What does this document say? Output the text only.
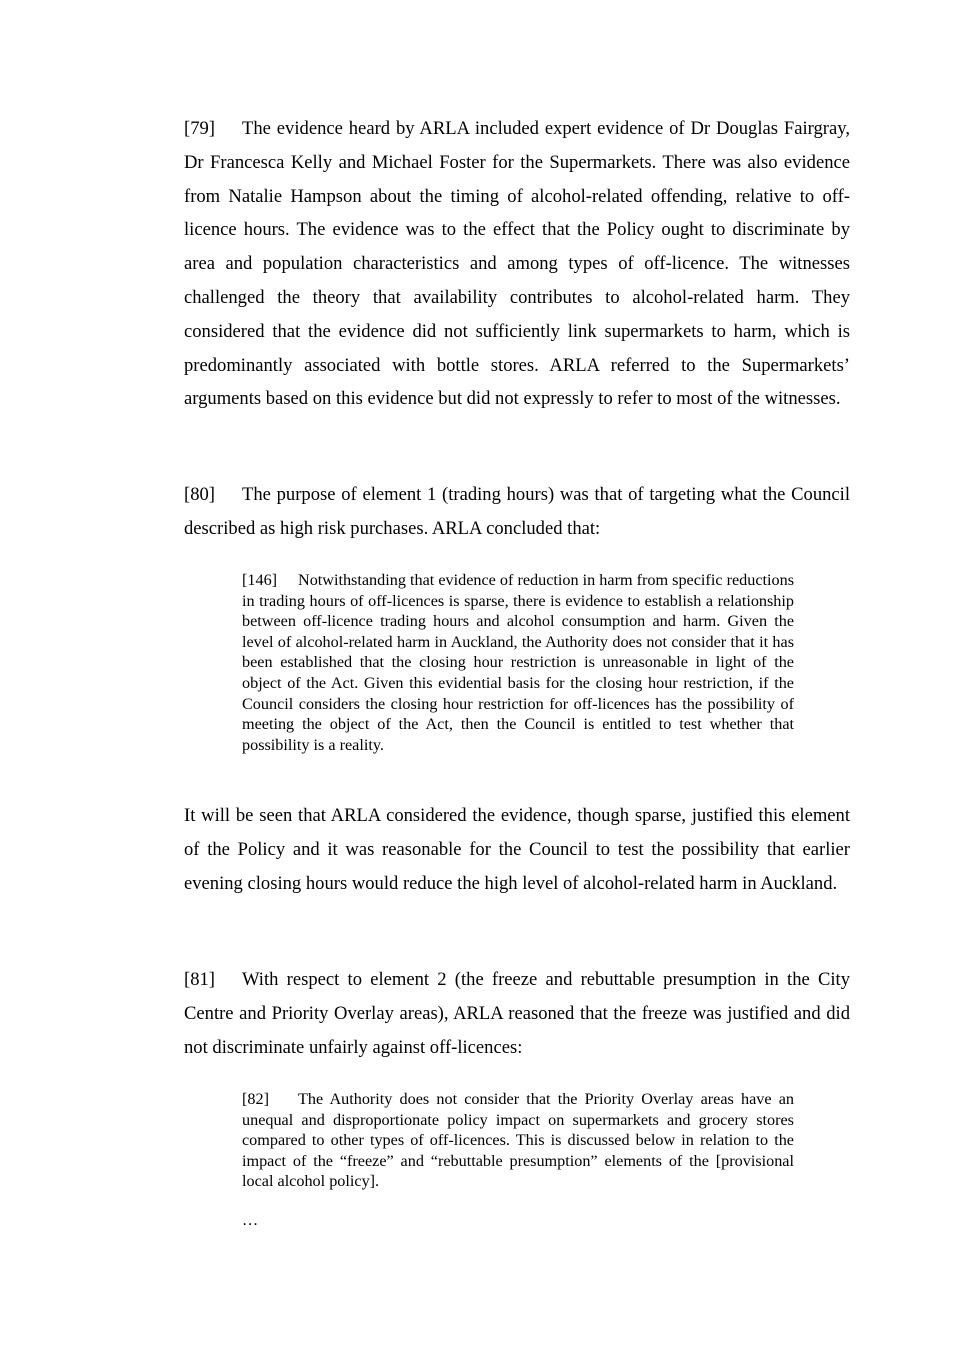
[79] The evidence heard by ARLA included expert evidence of Dr Douglas Fairgray, Dr Francesca Kelly and Michael Foster for the Supermarkets. There was also evidence from Natalie Hampson about the timing of alcohol-related offending, relative to off-licence hours. The evidence was to the effect that the Policy ought to discriminate by area and population characteristics and among types of off-licence. The witnesses challenged the theory that availability contributes to alcohol-related harm. They considered that the evidence did not sufficiently link supermarkets to harm, which is predominantly associated with bottle stores. ARLA referred to the Supermarkets’ arguments based on this evidence but did not expressly to refer to most of the witnesses.

[80] The purpose of element 1 (trading hours) was that of targeting what the Council described as high risk purchases. ARLA concluded that:

[146] Notwithstanding that evidence of reduction in harm from specific reductions in trading hours of off-licences is sparse, there is evidence to establish a relationship between off-licence trading hours and alcohol consumption and harm. Given the level of alcohol-related harm in Auckland, the Authority does not consider that it has been established that the closing hour restriction is unreasonable in light of the object of the Act. Given this evidential basis for the closing hour restriction, if the Council considers the closing hour restriction for off-licences has the possibility of meeting the object of the Act, then the Council is entitled to test whether that possibility is a reality.

It will be seen that ARLA considered the evidence, though sparse, justified this element of the Policy and it was reasonable for the Council to test the possibility that earlier evening closing hours would reduce the high level of alcohol-related harm in Auckland.

[81] With respect to element 2 (the freeze and rebuttable presumption in the City Centre and Priority Overlay areas), ARLA reasoned that the freeze was justified and did not discriminate unfairly against off-licences:

[82] The Authority does not consider that the Priority Overlay areas have an unequal and disproportionate policy impact on supermarkets and grocery stores compared to other types of off-licences. This is discussed below in relation to the impact of the “freeze” and “rebuttable presumption” elements of the [provisional local alcohol policy].

…
